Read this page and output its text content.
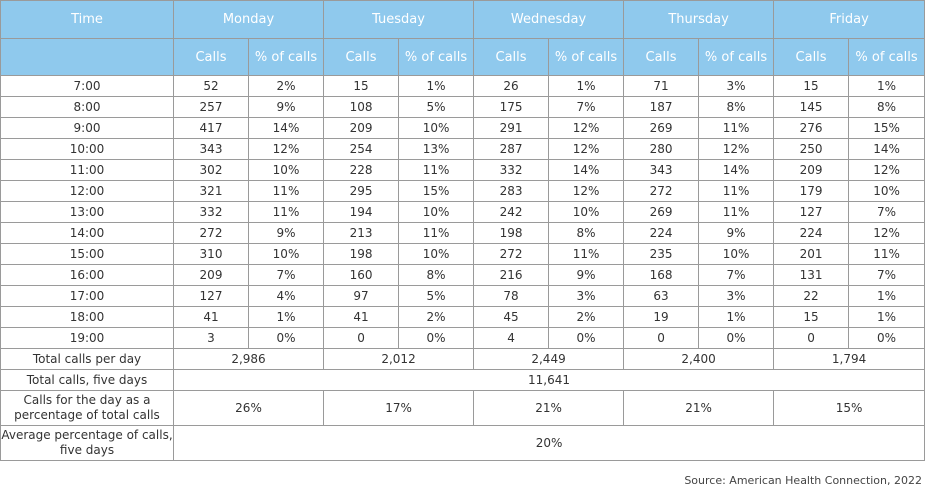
Time	Monday		Tuesday		Wednesday		Thursday		Friday	
	Calls	% of calls	Calls	% of calls	Calls	% of calls	Calls	% of calls	Calls	% of calls
7:00	52	2%	15	1%	26	1%	71	3%	15	1%
8:00	257	9%	108	5%	175	7%	187	8%	145	8%
9:00	417	14%	209	10%	291	12%	269	11%	276	15%
10:00	343	12%	254	13%	287	12%	280	12%	250	14%
11:00	302	10%	228	11%	332	14%	343	14%	209	12%
12:00	321	11%	295	15%	283	12%	272	11%	179	10%
13:00	332	11%	194	10%	242	10%	269	11%	127	7%
14:00	272	9%	213	11%	198	8%	224	9%	224	12%
15:00	310	10%	198	10%	272	11%	235	10%	201	11%
16:00	209	7%	160	8%	216	9%	168	7%	131	7%
17:00	127	4%	97	5%	78	3%	63	3%	22	1%
18:00	41	1%	41	2%	45	2%	19	1%	15	1%
19:00	3	0%	0	0%	4	0%	0	0%	0	0%
Total calls per day	2,986		2,012		2,449		2,400		1,794	
Total calls, five days	11,641									
Calls for the day as a percentage of total calls	26%		17%		21%		21%		15%	
Average percentage of calls, five days	20%									
Source: American Health Connection, 2022
